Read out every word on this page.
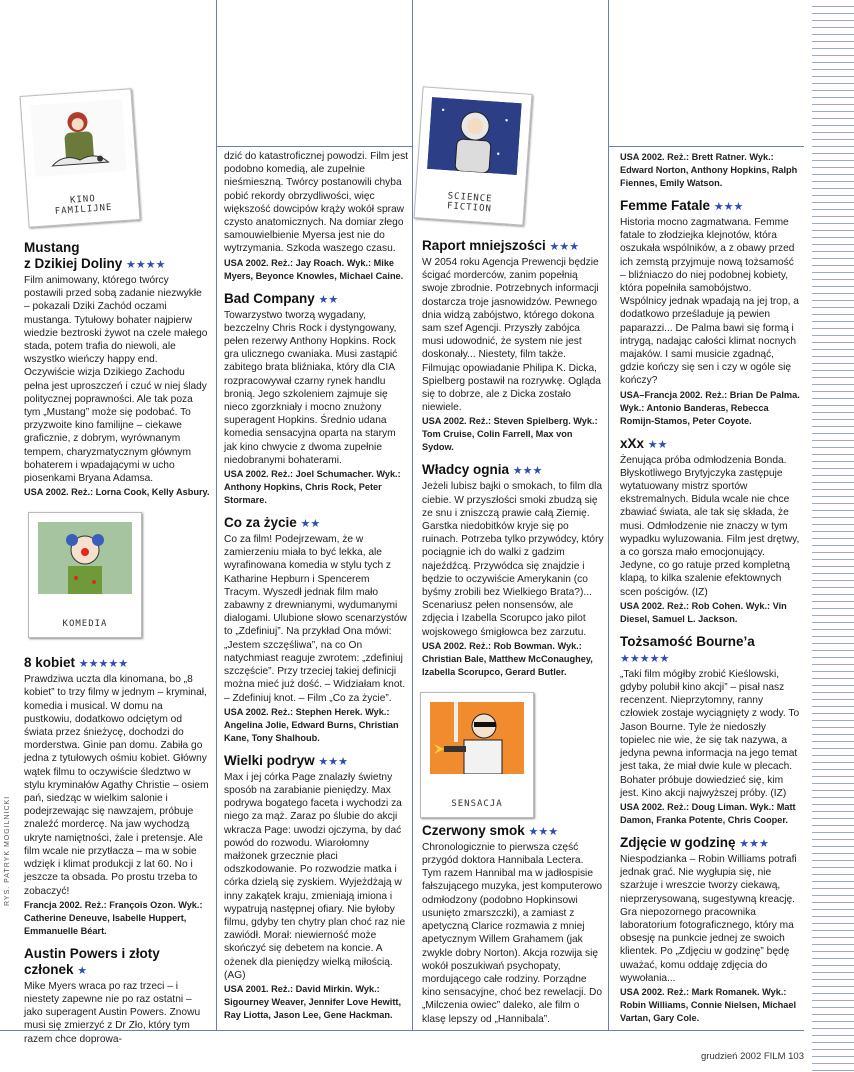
KINO
FAMILIJNE
KOMEDIA
SCIENCE
FICTION
SENSACJA
Mustang
z Dzikiej Doliny ★★★★

Film animowany, którego twórcy postawili przed sobą zadanie niezwykłe – pokazali Dziki Zachód oczami mustanga. Tytułowy bohater najpierw wiedzie beztroski żywot na czele małego stada, potem trafia do niewoli, ale wszystko wieńczy happy end. Oczywiście wizja Dzikiego Zachodu pełna jest uproszczeń i czuć w niej ślady politycznej poprawności. Ale tak poza tym „Mustang” może się podobać. To przyzwoite kino familijne – ciekawe graficznie, z dobrym, wyrównanym tempem, charyzmatycznym głównym bohaterem i wpadającymi w ucho piosenkami Bryana Adamsa.

USA 2002. Reż.: Lorna Cook, Kelly Asbury.

8 kobiet ★★★★★

Prawdziwa uczta dla kinomana, bo „8 kobiet” to trzy filmy w jednym – kryminał, komedia i musical. W domu na pustkowiu, dodatkowo odciętym od świata przez śnieżycę, dochodzi do morderstwa. Ginie pan domu. Zabiła go jedna z tytułowych ośmiu kobiet. Główny wątek filmu to oczywiście śledztwo w stylu kryminałów Agathy Christie – osiem pań, siedząc w wielkim salonie i podejrzewając się nawzajem, próbuje znaleźć mordercę. Na jaw wychodzą ukryte namiętności, żale i pretensje. Ale film wcale nie przytłacza – ma w sobie wdzięk i klimat produkcji z lat 60. No i jeszcze ta obsada. Po prostu trzeba to zobaczyć!

Francja 2002. Reż.: François Ozon. Wyk.: Catherine Deneuve, Isabelle Huppert, Emmanuelle Béart.

Austin Powers i złoty członek ★

Mike Myers wraca po raz trzeci – i niestety zapewne nie po raz ostatni – jako superagent Austin Powers. Znowu musi się zmierzyć z Dr Zło, który tym razem chce doprowa-

dzić do katastroficznej powodzi. Film jest podobno komedią, ale zupełnie nieśmieszną. Twórcy postanowili chyba pobić rekordy obrzydliwości, więc większość dowcipów krąży wokół spraw czysto anatomicznych. Na domiar złego samouwielbienie Myersa jest nie do wytrzymania. Szkoda waszego czasu.

USA 2002. Reż.: Jay Roach. Wyk.: Mike Myers, Beyonce Knowles, Michael Caine.

Bad Company ★★

Towarzystwo tworzą wygadany, bezczelny Chris Rock i dystyngowany, pełen rezerwy Anthony Hopkins. Rock gra ulicznego cwaniaka. Musi zastąpić zabitego brata bliźniaka, który dla CIA rozpracowywał czarny rynek handlu bronią. Jego szkoleniem zajmuje się nieco zgorzkniały i mocno znużony superagent Hopkins. Średnio udana komedia sensacyjna oparta na starym jak kino chwycie z dwoma zupełnie niedobranymi bohaterami.

USA 2002. Reż.: Joel Schumacher. Wyk.: Anthony Hopkins, Chris Rock, Peter Stormare.

Co za życie ★★

Co za film! Podejrzewam, że w zamierzeniu miała to być lekka, ale wyrafinowana komedia w stylu tych z Katharine Hepburn i Spencerem Tracym. Wyszedł jednak film mało zabawny z drewnianymi, wydumanymi dialogami. Ulubione słowo scenarzystów to „Zdefiniuj”. Na przykład Ona mówi: „Jestem szczęśliwa”, na co On natychmiast reaguje zwrotem: „zdefiniuj szczęście”. Przy trzeciej takiej definicji można mieć już dość. – Widziałam knot. – Zdefiniuj knot. – Film „Co za życie”.

USA 2002. Reż.: Stephen Herek. Wyk.: Angelina Jolie, Edward Burns, Christian Kane, Tony Shalhoub.

Wielki podryw ★★★

Max i jej córka Page znalazły świetny sposób na zarabianie pieniędzy. Max podrywa bogatego faceta i wychodzi za niego za mąż. Zaraz po ślubie do akcji wkracza Page: uwodzi ojczyma, by dać powód do rozwodu. Wiarołomny małżonek grzecznie płaci odszkodowanie. Po rozwodzie matka i córka dzielą się zyskiem. Wyjeżdżają w inny zakątek kraju, zmieniają imiona i wypatrują następnej ofiary. Nie byłoby filmu, gdyby ten chytry plan choć raz nie zawiódł. Morał: niewierność może skończyć się debetem na koncie. A ożenek dla pieniędzy wielką miłością. (AG)

USA 2001. Reż.: David Mirkin. Wyk.: Sigourney Weaver, Jennifer Love Hewitt, Ray Liotta, Jason Lee, Gene Hackman.

Raport mniejszości ★★★

W 2054 roku Agencja Prewencji będzie ścigać morderców, zanim popełnią swoje zbrodnie. Potrzebnych informacji dostarcza troje jasnowidzów. Pewnego dnia widzą zabójstwo, którego dokona sam szef Agencji. Przyszły zabójca musi udowodnić, że system nie jest doskonały... Niestety, film także. Filmując opowiadanie Philipa K. Dicka, Spielberg postawił na rozrywkę. Ogląda się to dobrze, ale z Dicka zostało niewiele.

USA 2002. Reż.: Steven Spielberg. Wyk.: Tom Cruise, Colin Farrell, Max von Sydow.

Władcy ognia ★★★

Jeżeli lubisz bajki o smokach, to film dla ciebie. W przyszłości smoki zbudzą się ze snu i zniszczą prawie całą Ziemię. Garstka niedobitków kryje się po ruinach. Potrzeba tylko przywódcy, który pociągnie ich do walki z gadzim najeźdźcą. Przywódca się znajdzie i będzie to oczywiście Amerykanin (co byśmy zrobili bez Wielkiego Brata?)... Scenariusz pełen nonsensów, ale zdjęcia i Izabella Scorupco jako pilot wojskowego śmigłowca bez zarzutu.

USA 2002. Reż.: Rob Bowman. Wyk.: Christian Bale, Matthew McConaughey, Izabella Scorupco, Gerard Butler.

Czerwony smok ★★★

Chronologicznie to pierwsza część przygód doktora Hannibala Lectera. Tym razem Hannibal ma w jadłospisie fałszującego muzyka, jest komputerowo odmłodzony (podobno Hopkinsowi usunięto zmarszczki), a zamiast z apetyczną Clarice rozmawia z mniej apetycznym Willem Grahamem (jak zwykle dobry Norton). Akcja rozwija się wokół poszukiwań psychopaty, mordującego całe rodziny. Porządne kino sensacyjne, choć bez rewelacji. Do „Milczenia owiec” daleko, ale film o klasę lepszy od „Hannibala”.

USA 2002. Reż.: Brett Ratner. Wyk.: Edward Norton, Anthony Hopkins, Ralph Fiennes, Emily Watson.

Femme Fatale ★★★

Historia mocno zagmatwana. Femme fatale to złodziejka klejnotów, która oszukała wspólników, a z obawy przed ich zemstą przyjmuje nową tożsamość – bliźniaczo do niej podobnej kobiety, która popełniła samobójstwo. Wspólnicy jednak wpadają na jej trop, a dodatkowo prześladuje ją pewien paparazzi... De Palma bawi się formą i intrygą, nadając całości klimat nocnych majaków. I sami musicie zgadnąć, gdzie kończy się sen i czy w ogóle się kończy?

USA–Francja 2002. Reż.: Brian De Palma. Wyk.: Antonio Banderas, Rebecca Romijn-Stamos, Peter Coyote.

xXx ★★

Żenująca próba odmłodzenia Bonda. Błyskotliwego Brytyjczyka zastępuje wytatuowany mistrz sportów ekstremalnych. Bidula wcale nie chce zbawiać świata, ale tak się składa, że musi. Odmłodzenie nie znaczy w tym wypadku wyluzowania. Film jest drętwy, a co gorsza mało emocjonujący. Jedyne, co go ratuje przed kompletną klapą, to kilka szalenie efektownych scen pościgów. (IZ)

USA 2002. Reż.: Rob Cohen. Wyk.: Vin Diesel, Samuel L. Jackson.

Tożsamość Bourne’a ★★★★★

„Taki film mógłby zrobić Kieślowski, gdyby polubił kino akcji” – pisał nasz recenzent. Nieprzytomny, ranny człowiek zostaje wyciągnięty z wody. To Jason Bourne. Tyle że niedoszły topielec nie wie, że się tak nazywa, a jedyna pewna informacja na jego temat jest taka, że miał dwie kule w plecach. Bohater próbuje dowiedzieć się, kim jest. Kino akcji najwyższej próby. (IZ)

USA 2002. Reż.: Doug Liman. Wyk.: Matt Damon, Franka Potente, Chris Cooper.

Zdjęcie w godzinę ★★★

Niespodzianka – Robin Williams potrafi jednak grać. Nie wygłupia się, nie szarżuje i wreszcie tworzy ciekawą, nieprzerysowaną, sugestywną kreację. Gra niepozornego pracownika laboratorium fotograficznego, który ma obsesję na punkcie jednej ze swoich klientek. Po „Zdjęciu w godzinę” będę uważać, komu oddaję zdjęcia do wywołania...

USA 2002. Reż.: Mark Romanek. Wyk.: Robin Williams, Connie Nielsen, Michael Vartan, Gary Cole.

RYS. PATRYK MOGILNICKI
grudzień 2002 FILM 103
